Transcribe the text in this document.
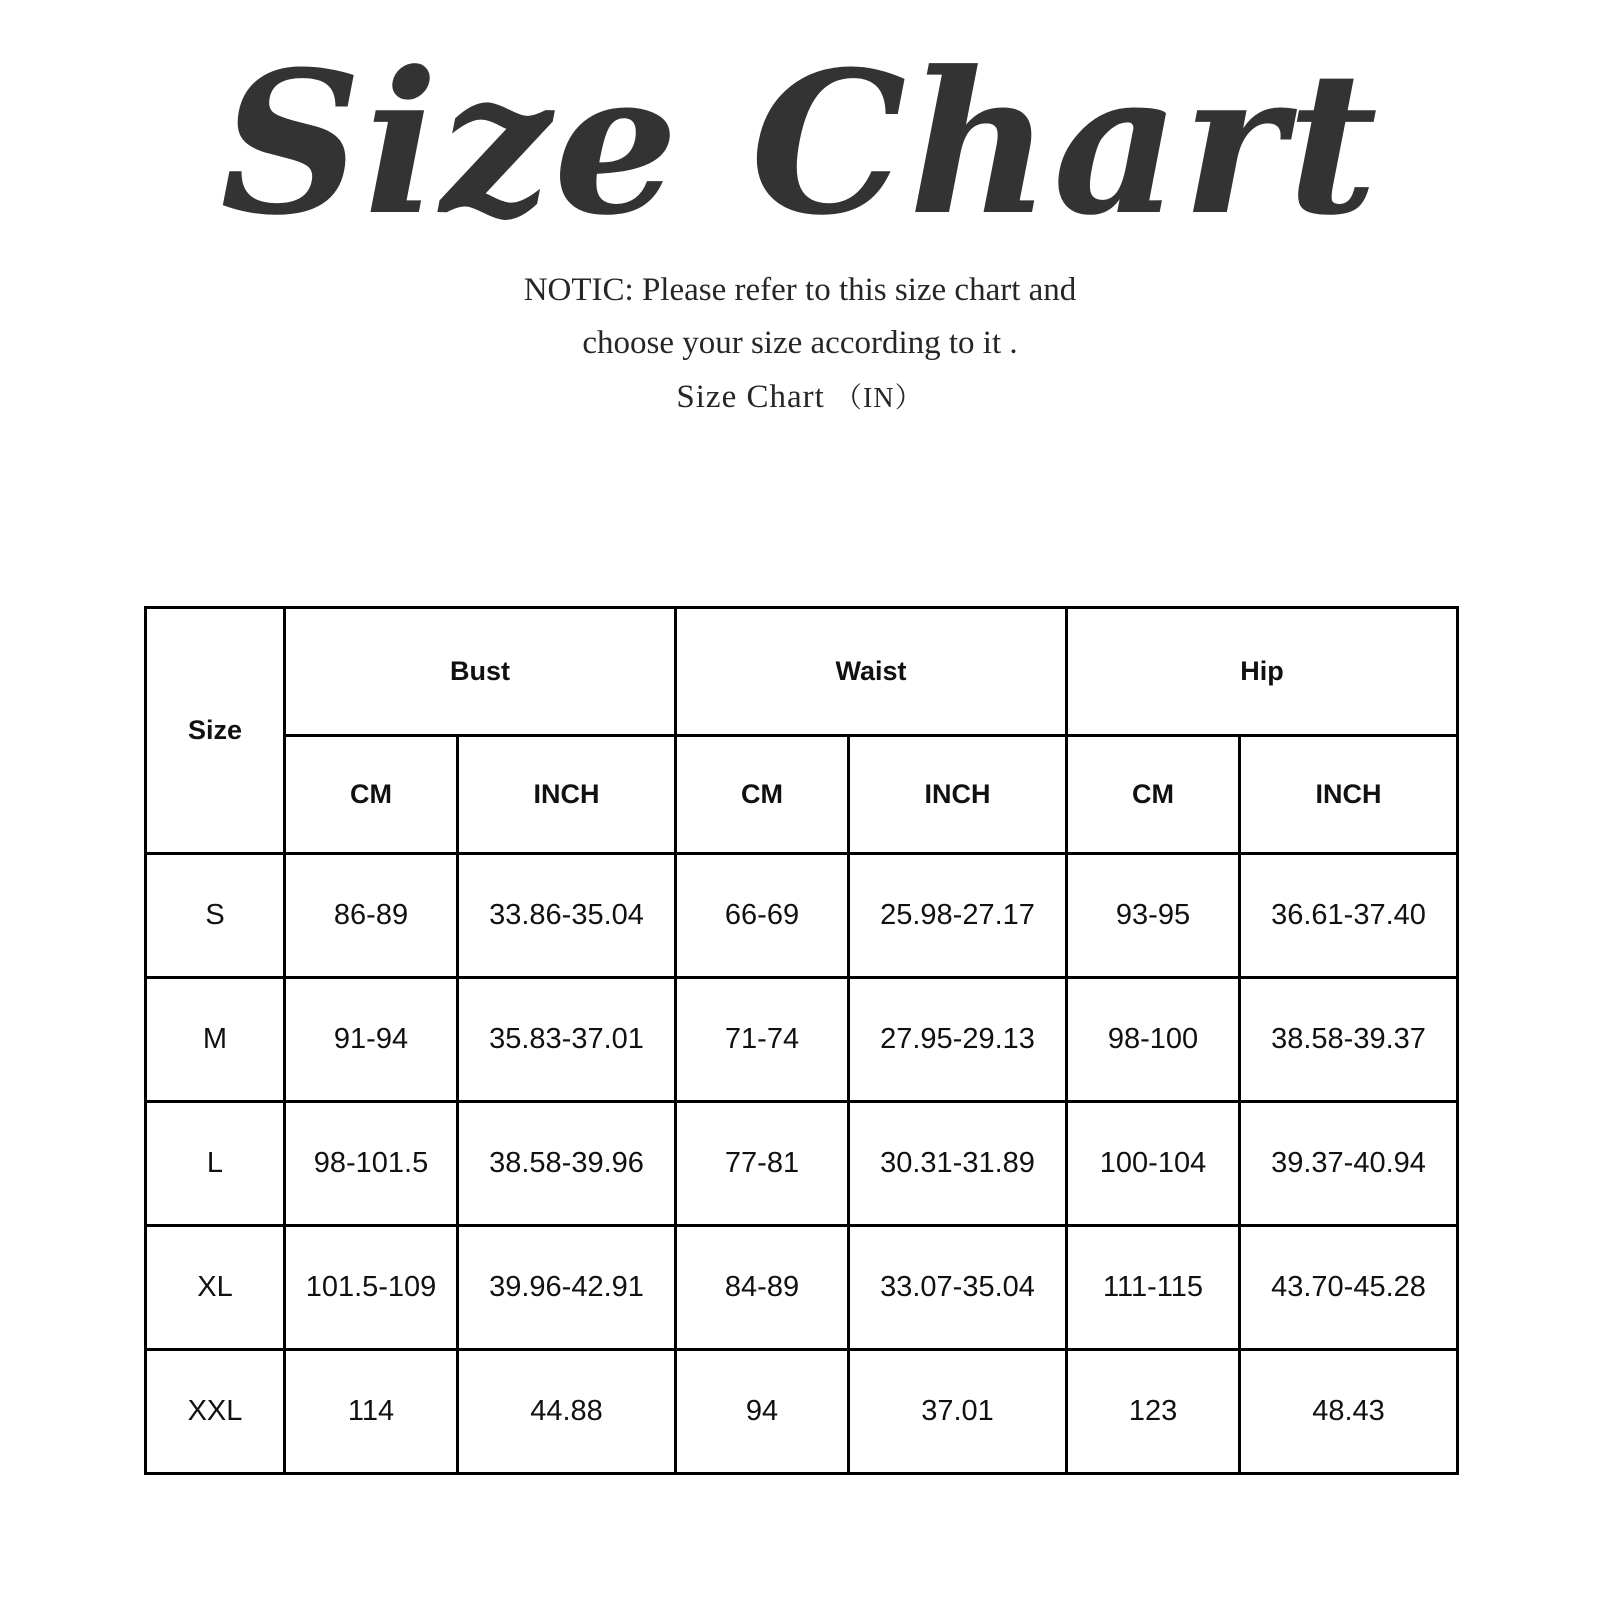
Size Chart
NOTIC: Please refer to this size chart and
choose your size according to it .
Size Chart （IN）
Size	Bust		Waist		Hip	
	CM	INCH	CM	INCH	CM	INCH
S	86-89	33.86-35.04	66-69	25.98-27.17	93-95	36.61-37.40
M	91-94	35.83-37.01	71-74	27.95-29.13	98-100	38.58-39.37
L	98-101.5	38.58-39.96	77-81	30.31-31.89	100-104	39.37-40.94
XL	101.5-109	39.96-42.91	84-89	33.07-35.04	111-115	43.70-45.28
XXL	114	44.88	94	37.01	123	48.43
